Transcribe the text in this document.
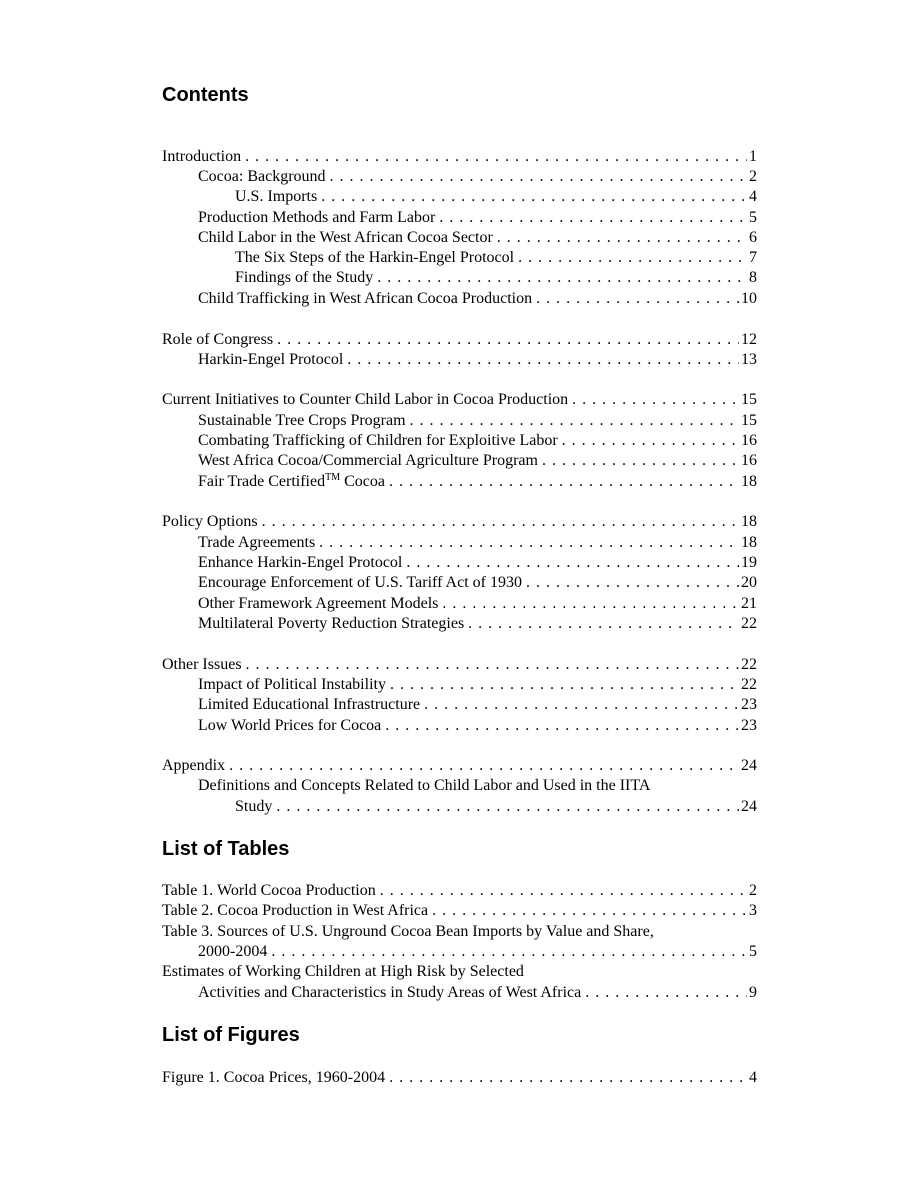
Contents
Introduction . . .	1
Cocoa: Background . . .	2
U.S. Imports . . .	4
Production Methods and Farm Labor . . .	5
Child Labor in the West African Cocoa Sector . . .	6
The Six Steps of the Harkin-Engel Protocol . . .	7
Findings of the Study . . .	8
Child Trafficking in West African Cocoa Production . . .	10
Role of Congress . . .	12
Harkin-Engel Protocol . . .	13
Current Initiatives to Counter Child Labor in Cocoa Production . . .	15
Sustainable Tree Crops Program . . .	15
Combating Trafficking of Children for Exploitive Labor . . .	16
West Africa Cocoa/Commercial Agriculture Program . . .	16
Fair Trade Certified™ Cocoa . . .	18
Policy Options . . .	18
Trade Agreements . . .	18
Enhance Harkin-Engel Protocol . . .	19
Encourage Enforcement of U.S. Tariff Act of 1930 . . .	20
Other Framework Agreement Models . . .	21
Multilateral Poverty Reduction Strategies . . .	22
Other Issues . . .	22
Impact of Political Instability . . .	22
Limited Educational Infrastructure . . .	23
Low World Prices for Cocoa . . .	23
Appendix . . .	24
Definitions and Concepts Related to Child Labor and Used in the IITA
Study . . .	24
List of Tables
Table 1. World Cocoa Production . . .	2
Table 2. Cocoa Production in West Africa . . .	3
Table 3. Sources of U.S. Unground Cocoa Bean Imports by Value and Share,
2000-2004 . . .	5
Estimates of Working Children at High Risk by Selected
Activities and Characteristics in Study Areas of West Africa . . .	9
List of Figures
Figure 1. Cocoa Prices, 1960-2004 . . .	4
